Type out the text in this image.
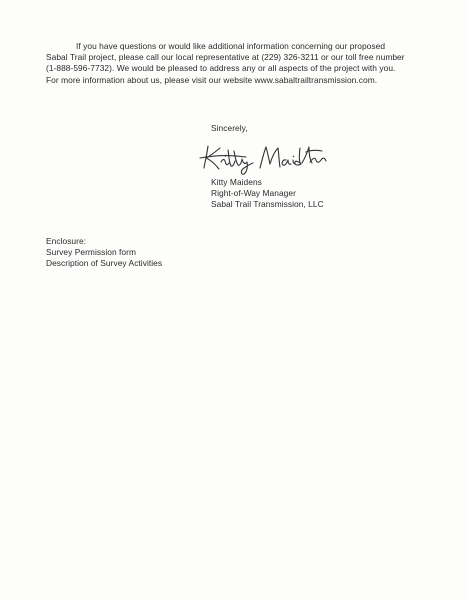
If you have questions or would like additional information concerning our proposed
Sabal Trail project, please call our local representative at (229) 326-3211 or our toll free number
(1-888-596-7732). We would be pleased to address any or all aspects of the project with you.
For more information about us, please visit our website www.sabaltrailtransmission.com.
Sincerely,
Kitty Maidens
Right-of-Way Manager
Sabal Trail Transmission, LLC
Enclosure:
Survey Permission form
Description of Survey Activities
